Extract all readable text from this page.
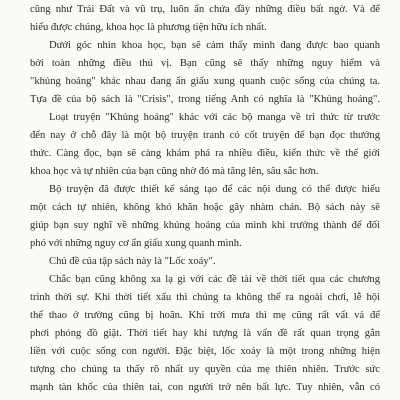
cũng như Trái Đất và vũ trụ, luôn ẩn chứa đầy những điều bất ngờ. Và để
hiểu được chúng, khoa học là phương tiện hữu ích nhất.
Dưới góc nhìn khoa học, bạn sẽ cảm thấy mình đang được bao quanh
bởi toàn những điều thú vị. Bạn cũng sẽ thấy những nguy hiểm và
"khủng hoảng" khác nhau đang ẩn giấu xung quanh cuộc sống của chúng ta.
Tựa đề của bộ sách là "Crisis", trong tiếng Anh có nghĩa là "Khủng hoảng".
Loạt truyện "Khủng hoảng" khác với các bộ manga về tri thức từ trước
đến nay ở chỗ đây là một bộ truyện tranh có cốt truyện để bạn đọc thưởng
thức. Càng đọc, bạn sẽ càng khám phá ra nhiều điều, kiến thức về thế giới
khoa học và tự nhiên của bạn cũng nhờ đó mà tăng lên, sâu sắc hơn.
Bộ truyện đã được thiết kế sáng tạo để các nội dung có thể được hiểu
một cách tự nhiên, không khó khăn hoặc gây nhàm chán. Bộ sách này sẽ
giúp bạn suy nghĩ về những khủng hoảng của mình khi trưởng thành để đối
phó với những nguy cơ ẩn giấu xung quanh mình.
Chủ đề của tập sách này là "Lốc xoáy".
Chắc bạn cũng không xa lạ gì với các đề tài về thời tiết qua các chương
trình thời sự. Khi thời tiết xấu thì chúng ta không thể ra ngoài chơi, lễ hội
thể thao ở trường cũng bị hoãn. Khi trời mưa thì mẹ cũng rất vất vả để
phơi phóng đồ giặt. Thời tiết hay khí tượng là vấn đề rất quan trọng gắn
liền với cuộc sống con người. Đặc biệt, lốc xoáy là một trong những hiện
tượng cho chúng ta thấy rõ nhất uy quyền của mẹ thiên nhiên. Trước sức
mạnh tàn khốc của thiên tai, con người trở nên bất lực. Tuy nhiên, vẫn có
